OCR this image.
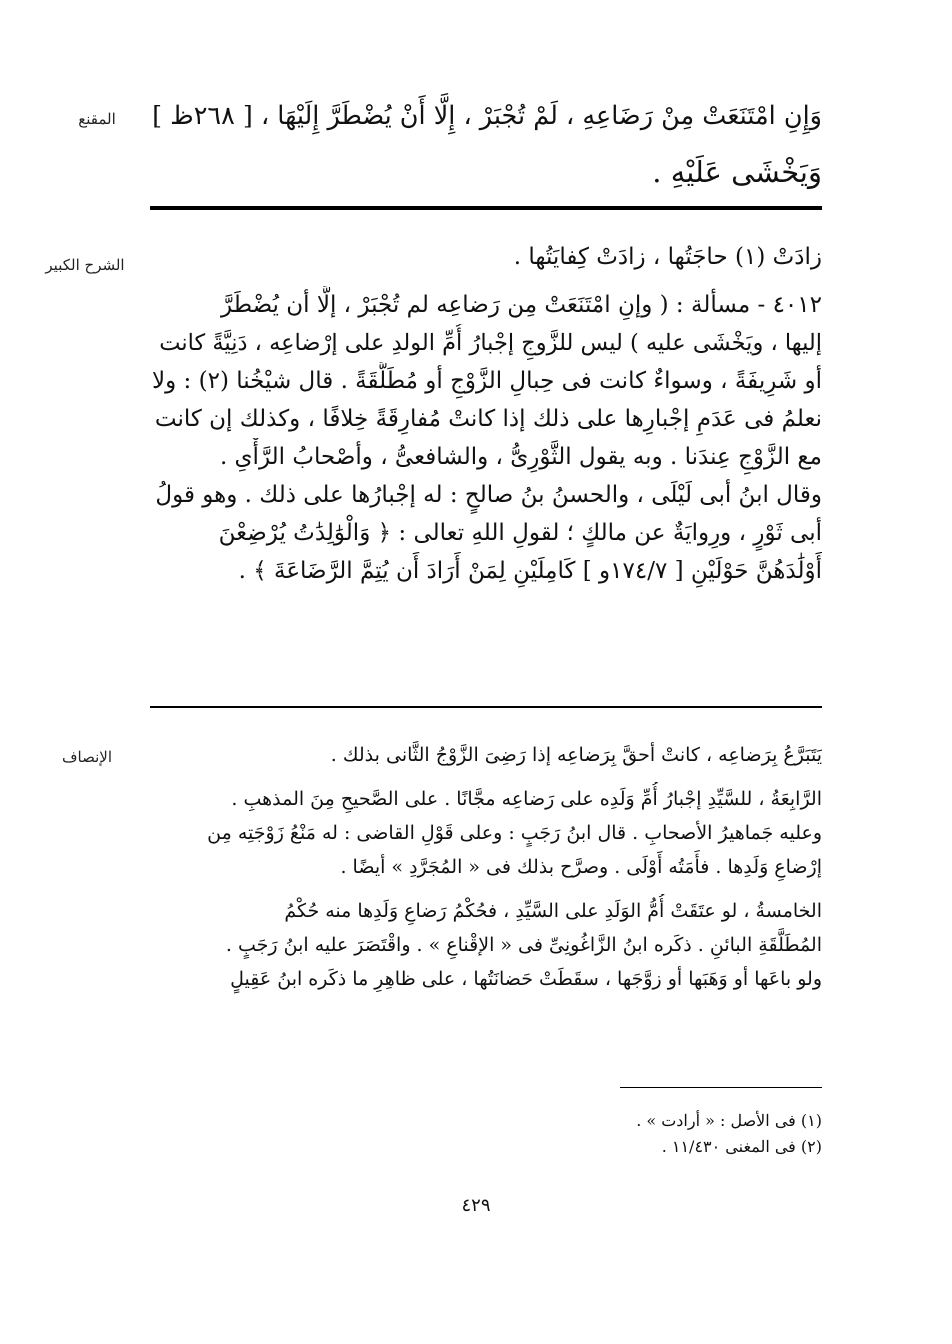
المقنع	وَإِنِ امْتَنَعَتْ مِنْ رَضَاعِهِ ، لَمْ تُجْبَرْ ، إِلَّا أَنْ يُضْطَرَّ إِلَيْهَا ، [ ٢٦٨ظ ]
وَيَخْشَى عَلَيْهِ .
الشرح الكبير	زادَتْ (١) حاجَتُها ، زادَتْ كِفايَتُها .
٤٠١٢ - مسألة : ( وإنِ امْتَنَعَتْ مِن رَضاعِه لم تُجْبَرْ ، إلَّا أن يُضْطَرَّ
إليها ، ويَخْشَى عليه ) ليس للزَّوجِ إجْبارُ أُمِّ الولدِ على إرْضاعِه ، دَنِيَّةً كانت
أو شَرِيفَةً ، وسواءٌ كانت فى حِبالِ الزَّوْجِ أو مُطَلَّقَةً . قال شيْخُنا (٢) : ولا
نعلمُ فى عَدَمِ إجْبارِها على ذلك إذا كانتْ مُفارِقَةً خِلافًا ، وكذلك إن كانت
مع الزَّوْجِ عِندَنا . وبه يقول الثَّوْرِىُّ ، والشافعىُّ ، وأصْحابُ الرَّأْىِ .
وقال ابنُ أبى لَيْلَى ، والحسنُ بنُ صالحٍ : له إجْبارُها على ذلك . وهو قولُ
أبى ثَوْرٍ ، ورِوايَةٌ عن مالكٍ ؛ لقولِ اللهِ تعالى : ﴿ وَالْوَٰلِدَٰتُ يُرْضِعْنَ
أَوْلَٰدَهُنَّ حَوْلَيْنِ [ ١٧٤/٧و ] كَامِلَيْنِ لِمَنْ أَرَادَ أَن يُتِمَّ الرَّضَاعَةَ ﴾ .
الإنصاف	يَتَبَرَّعُ بِرَضاعِه ، كانتْ أحقَّ بِرَضاعِه إذا رَضِىَ الزَّوْجُ الثَّانى بذلك .
الرَّابِعَةُ ، للسَّيِّدِ إجْبارُ أُمِّ وَلَدِه على رَضاعِه مجَّانًا . على الصَّحيحِ مِنَ المذهبِ .
وعليه جَماهيرُ الأصحابِ . قال ابنُ رَجَبٍ : وعلى قَوْلِ القاضى : له مَنْعُ زَوْجَتِه مِن
إرْضاعِ وَلَدِها . فأَمَتُه أَوْلَى . وصرَّح بذلك فى « المُجَرَّدِ » أيضًا .
الخامسةُ ، لو عتَقَتْ أُمُّ الوَلَدِ على السَّيِّدِ ، فحُكْمُ رَضاعِ وَلَدِها منه حُكْمُ
المُطَلَّقَةِ البائنِ . ذكَره ابنُ الزَّاغُونِىِّ فى « الإقْناعِ » . واقْتَصَرَ عليه ابنُ رَجَبٍ .
ولو باعَها أو وَهَبَها أو زوَّجَها ، سقَطَتْ حَضانَتُها ، على ظاهِرِ ما ذكَره ابنُ عَقِيلٍ
(١) فى الأصل : « أرادت » .
(٢) فى المغنى ١١/٤٣٠ .
٤٢٩
